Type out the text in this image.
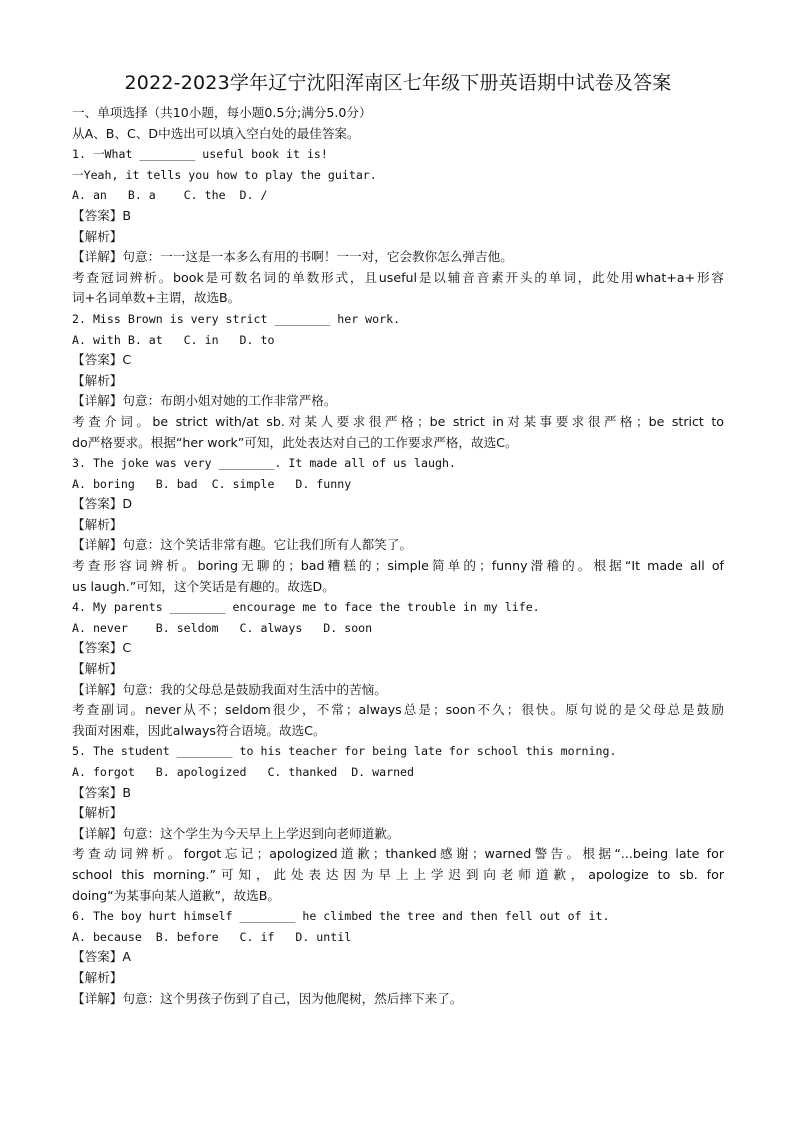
2022-2023学年辽宁沈阳浑南区七年级下册英语期中试卷及答案
一、单项选择（共10小题，每小题0.5分;满分5.0分）
从A、B、C、D中选出可以填入空白处的最佳答案。
1. 一What ________ useful book it is!
一Yeah, it tells you how to play the guitar.
A. an   B. a    C. the  D. /
【答案】B
【解析】
【详解】句意：一一这是一本多么有用的书啊！一一对，它会教你怎么弹吉他。
考查冠词辨析。book是可数名词的单数形式，且useful是以辅音音素开头的单词，此处用what+a+形容
词+名词单数+主谓，故选B。
2. Miss Brown is very strict ________ her work.
A. with B. at   C. in   D. to
【答案】C
【解析】
【详解】句意：布朗小姐对她的工作非常严格。
考查介词。be strict with/at sb.对某人要求很严格；be strict in对某事要求很严格；be strict to
do严格要求。根据“her work”可知，此处表达对自己的工作要求严格，故选C。
3. The joke was very ________. It made all of us laugh.
A. boring   B. bad  C. simple   D. funny
【答案】D
【解析】
【详解】句意：这个笑话非常有趣。它让我们所有人都笑了。
考查形容词辨析。boring无聊的；bad糟糕的；simple简单的；funny滑稽的。根据“It made all of
us laugh.”可知，这个笑话是有趣的。故选D。
4. My parents ________ encourage me to face the trouble in my life.
A. never    B. seldom   C. always   D. soon
【答案】C
【解析】
【详解】句意：我的父母总是鼓励我面对生活中的苦恼。
考查副词。never从不；seldom很少，不常；always总是；soon不久；很快。原句说的是父母总是鼓励
我面对困难，因此always符合语境。故选C。
5. The student ________ to his teacher for being late for school this morning.
A. forgot   B. apologized   C. thanked  D. warned
【答案】B
【解析】
【详解】句意：这个学生为今天早上上学迟到向老师道歉。
考查动词辨析。forgot忘记；apologized道歉；thanked感谢；warned警告。根据“...being late for
school this morning.”可知，此处表达因为早上上学迟到向老师道歉，apologize to sb. for
doing“为某事向某人道歉”，故选B。
6. The boy hurt himself ________ he climbed the tree and then fell out of it.
A. because  B. before   C. if   D. until
【答案】A
【解析】
【详解】句意：这个男孩子伤到了自己，因为他爬树，然后摔下来了。
